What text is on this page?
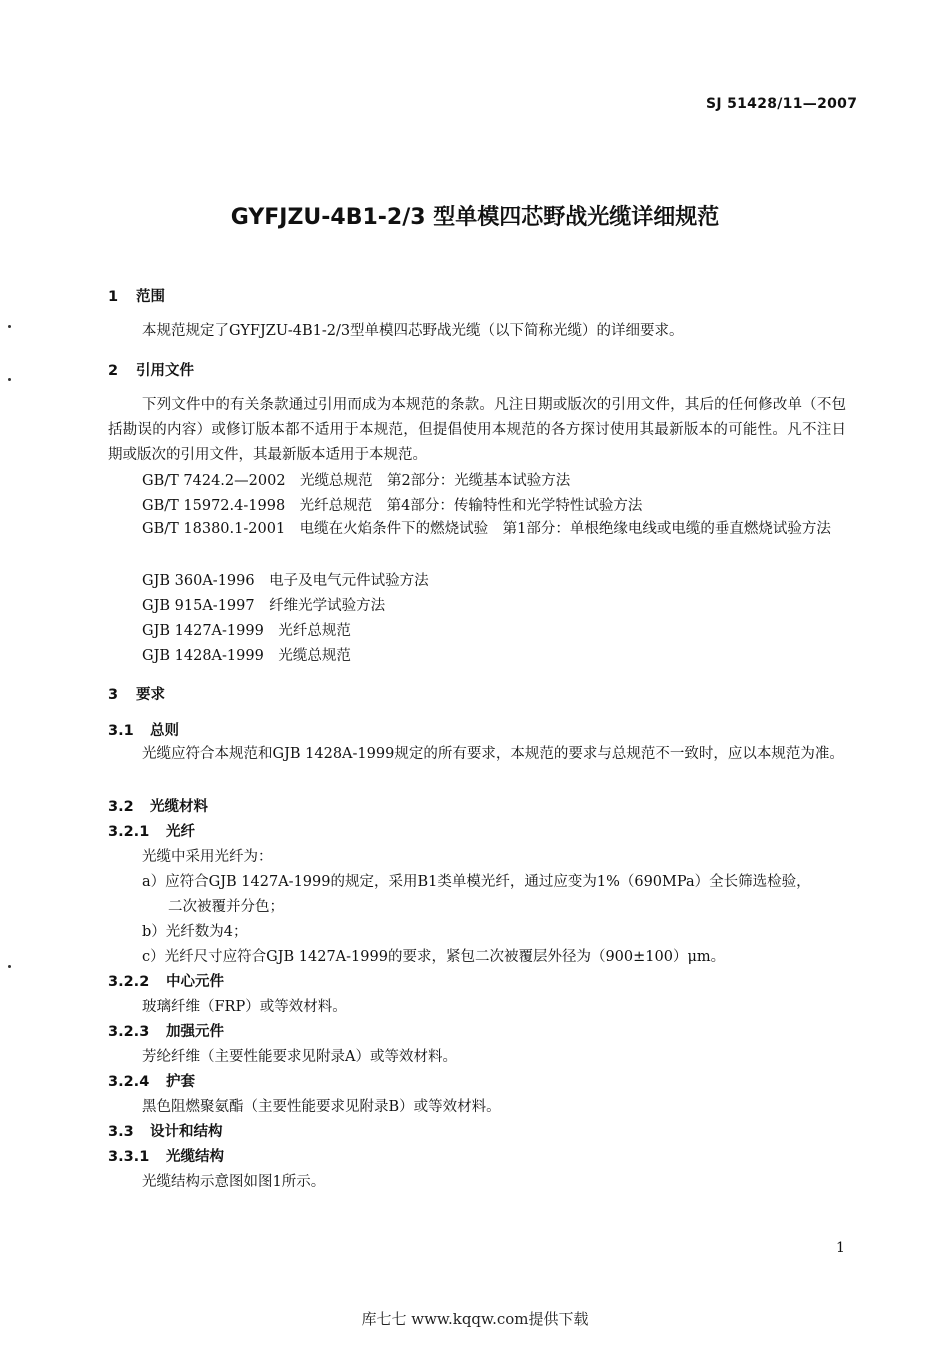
SJ 51428/11—2007
GYFJZU-4B1-2/3 型单模四芯野战光缆详细规范
1 范围
本规范规定了GYFJZU-4B1-2/3型单模四芯野战光缆（以下简称光缆）的详细要求。
2 引用文件
下列文件中的有关条款通过引用而成为本规范的条款。凡注日期或版次的引用文件，其后的任何修改单（不包括勘误的内容）或修订版本都不适用于本规范，但提倡使用本规范的各方探讨使用其最新版本的可能性。凡不注日期或版次的引用文件，其最新版本适用于本规范。
GB/T 7424.2—2002　光缆总规范　第2部分：光缆基本试验方法
GB/T 15972.4-1998　光纤总规范　第4部分：传输特性和光学特性试验方法
GB/T 18380.1-2001　电缆在火焰条件下的燃烧试验　第1部分：单根绝缘电线或电缆的垂直燃烧试验方法
GJB 360A-1996　电子及电气元件试验方法
GJB 915A-1997　纤维光学试验方法
GJB 1427A-1999　光纤总规范
GJB 1428A-1999　光缆总规范
3 要求
3.1 总则
光缆应符合本规范和GJB 1428A-1999规定的所有要求，本规范的要求与总规范不一致时，应以本规范为准。
3.2 光缆材料
3.2.1 光纤
光缆中采用光纤为：
a）应符合GJB 1427A-1999的规定，采用B1类单模光纤，通过应变为1%（690MPa）全长筛选检验，
二次被覆并分色；
b）光纤数为4；
c）光纤尺寸应符合GJB 1427A-1999的要求，紧包二次被覆层外径为（900±100）μm。
3.2.2 中心元件
玻璃纤维（FRP）或等效材料。
3.2.3 加强元件
芳纶纤维（主要性能要求见附录A）或等效材料。
3.2.4 护套
黑色阻燃聚氨酯（主要性能要求见附录B）或等效材料。
3.3 设计和结构
3.3.1 光缆结构
光缆结构示意图如图1所示。
1
库七七 www.kqqw.com提供下载
